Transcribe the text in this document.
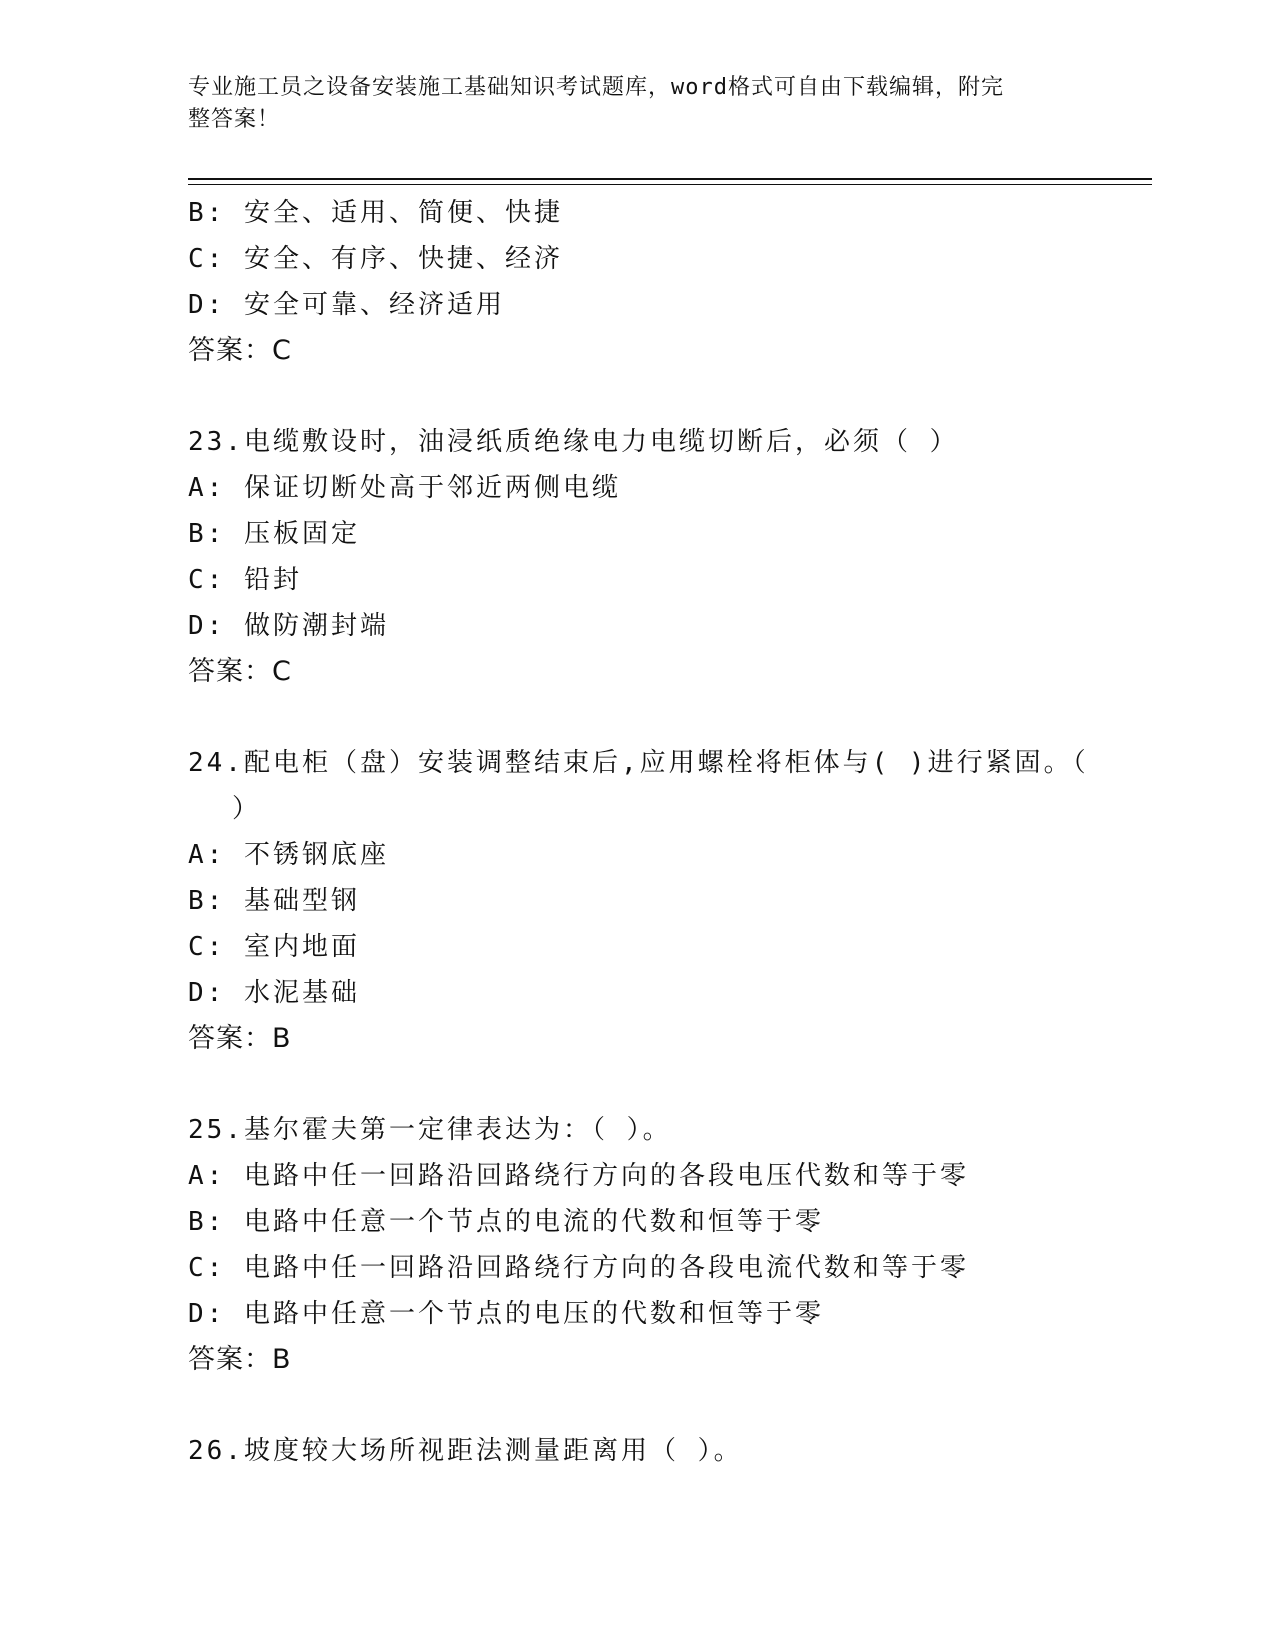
专业施工员之设备安装施工基础知识考试题库，word格式可自由下载编辑，附完
整答案！
B: 安全、适用、简便、快捷
C: 安全、有序、快捷、经济
D: 安全可靠、经济适用
答案：C
23.电缆敷设时，油浸纸质绝缘电力电缆切断后，必须（ ）
A: 保证切断处高于邻近两侧电缆
B: 压板固定
C: 铅封
D: 做防潮封端
答案：C
24.配电柜（盘）安装调整结束后,应用螺栓将柜体与( )进行紧固。（
）
A: 不锈钢底座
B: 基础型钢
C: 室内地面
D: 水泥基础
答案：B
25.基尔霍夫第一定律表达为：（ ）。
A: 电路中任一回路沿回路绕行方向的各段电压代数和等于零
B: 电路中任意一个节点的电流的代数和恒等于零
C: 电路中任一回路沿回路绕行方向的各段电流代数和等于零
D: 电路中任意一个节点的电压的代数和恒等于零
答案：B
26.坡度较大场所视距法测量距离用（ ）。
